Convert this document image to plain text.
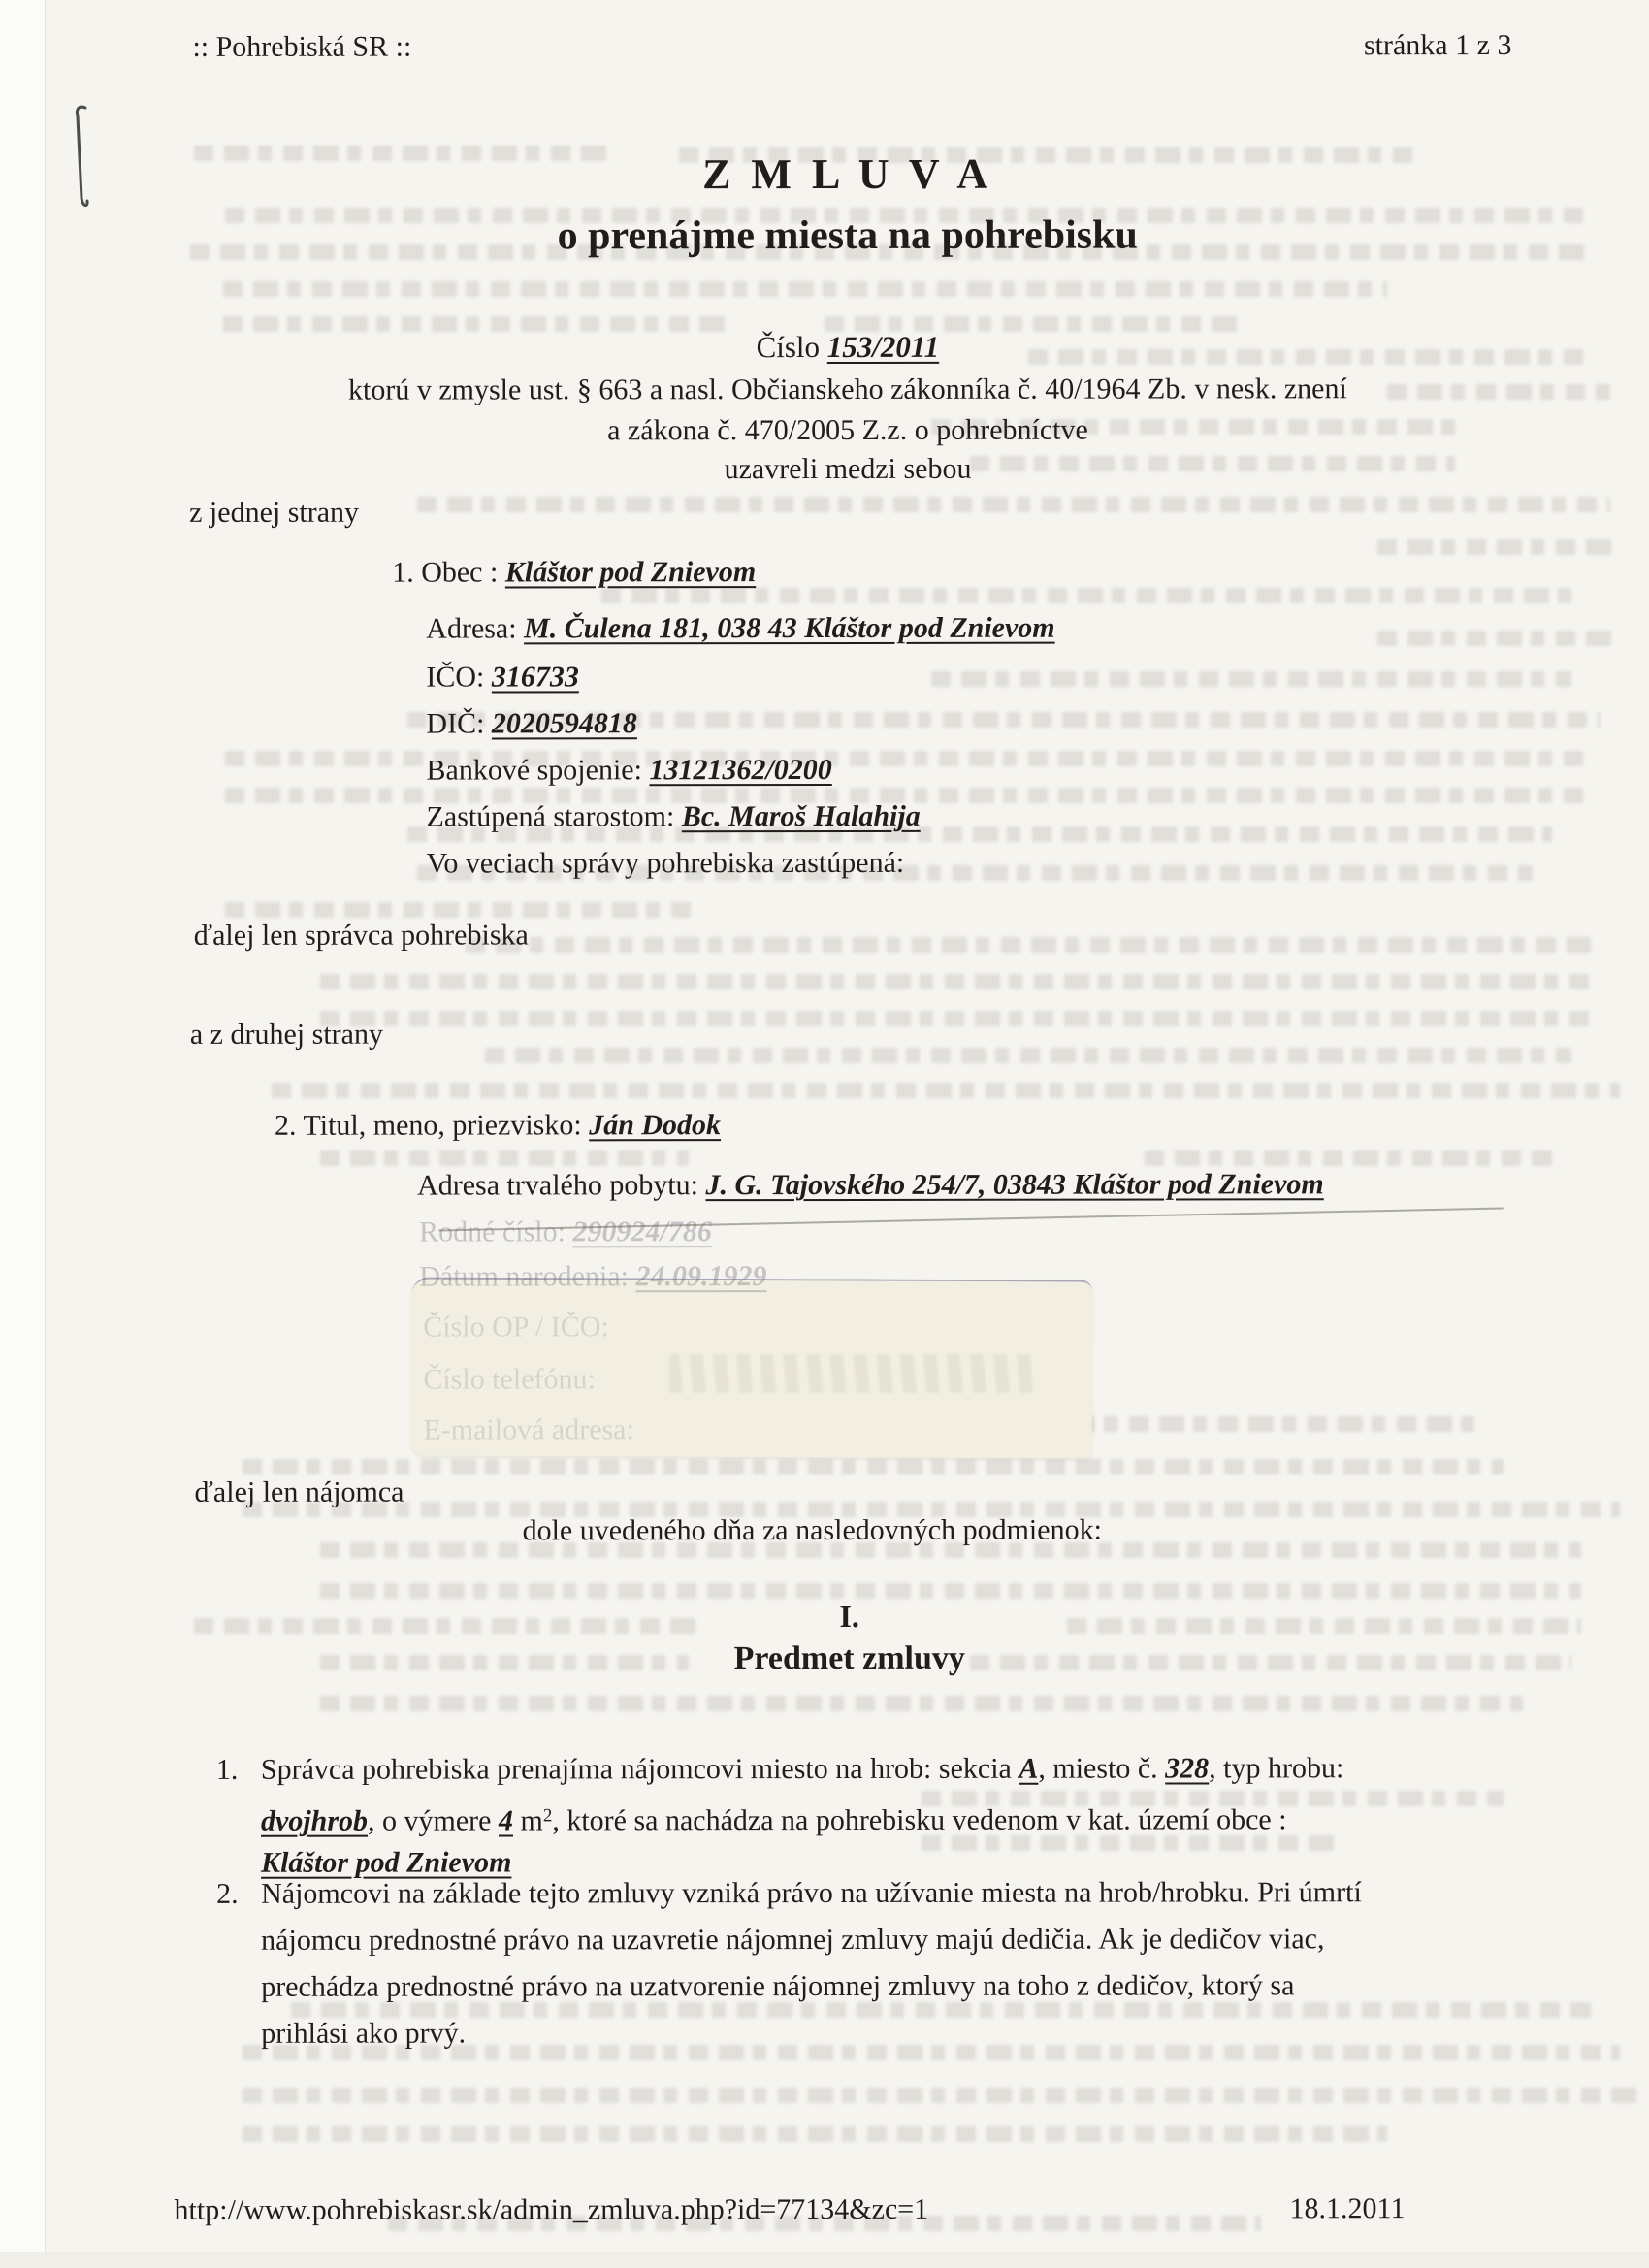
:: Pohrebiská SR ::	stránka 1 z 3
Z M L U V A
o prenájme miesta na pohrebisku
Číslo 153/2011
ktorú v zmysle ust. § 663 a nasl. Občianskeho zákonníka č. 40/1964 Zb. v nesk. znení
a zákona č. 470/2005 Z.z. o pohrebníctve
uzavreli medzi sebou
z jednej strany
1. Obec : Kláštor pod Znievom
Adresa: M. Čulena 181, 038 43 Kláštor pod Znievom
IČO: 316733
DIČ: 2020594818
Bankové spojenie: 13121362/0200
Zastúpená starostom: Bc. Maroš Halahija
Vo veciach správy pohrebiska zastúpená:
ďalej len správca pohrebiska
a z druhej strany
2. Titul, meno, priezvisko: Ján Dodok
Adresa trvalého pobytu: J. G. Tajovského 254/7, 03843 Kláštor pod Znievom
Rodné číslo: 290924/786
Dátum narodenia: 24.09.1929
Číslo OP / IČO:
Číslo telefónu:
E-mailová adresa:
ďalej len nájomca
dole uvedeného dňa za nasledovných podmienok:
I.
Predmet zmluvy
1. Správca pohrebiska prenajíma nájomcovi miesto na hrob: sekcia A, miesto č. 328, typ hrobu:
dvojhrob, o výmere 4 $m^2$, ktoré sa nachádza na pohrebisku vedenom v kat. území obce :
Kláštor pod Znievom
2. Nájomcovi na základe tejto zmluvy vzniká právo na užívanie miesta na hrob/hrobku. Pri úmrtí
nájomcu prednostné právo na uzavretie nájomnej zmluvy majú dedičia. Ak je dedičov viac,
prechádza prednostné právo na uzatvorenie nájomnej zmluvy na toho z dedičov, ktorý sa
prihlási ako prvý.
http://www.pohrebiskasr.sk/admin_zmluva.php?id=77134&zc=1	18.1.2011
